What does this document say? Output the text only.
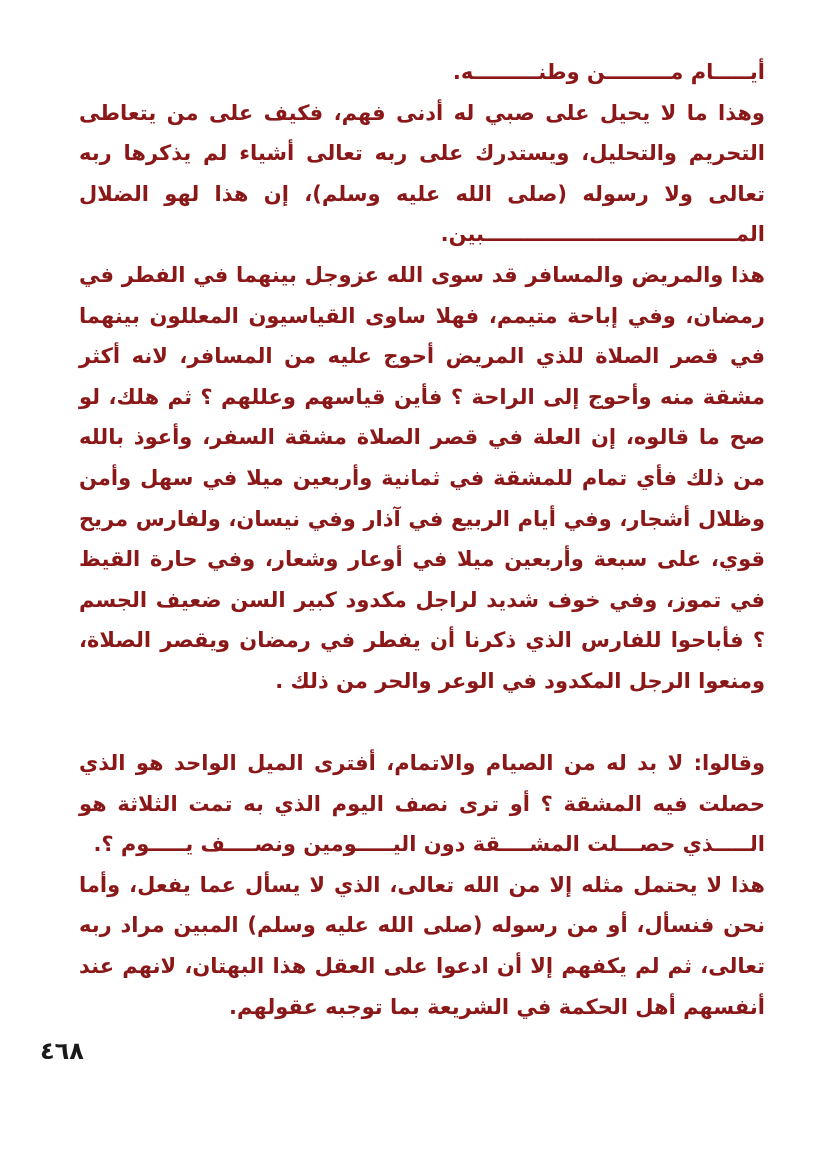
أيـــــام مـــــــــن وطنـــــــــه.

وهذا ما لا يحيل على صبي له أدنى فهم، فكيف على من يتعاطى التحريم والتحليل، ويستدرك على ربه تعالى أشياء لم يذكرها ربه تعالى ولا رسوله (صلى الله عليه وسلم)، إن هذا لهو الضلال المـــــــــــــــــــــــــــــــــــبين.

هذا والمريض والمسافر قد سوى الله عزوجل بينهما في الفطر في رمضان، وفي إباحة متيمم، فهلا ساوى القياسيون المعللون بينهما في قصر الصلاة للذي المريض أحوج عليه من المسافر، لانه أكثر مشقة منه وأحوج إلى الراحة ؟ فأين قياسهم وعللهم ؟ ثم هلك، لو صح ما قالوه، إن العلة في قصر الصلاة مشقة السفر، وأعوذ بالله من ذلك فأي تمام للمشقة في ثمانية وأربعين ميلا في سهل وأمن وظلال أشجار، وفي أيام الربيع في آذار وفي نيسان، ولفارس مريح قوي، على سبعة وأربعين ميلا في أوعار وشعار، وفي حارة القيظ في تموز، وفي خوف شديد لراجل مكدود كبير السن ضعيف الجسم ؟ فأباحوا للفارس الذي ذكرنا أن يفطر في رمضان ويقصر الصلاة، ومنعوا الرجل المكدود في الوعر والحر من ذلك .

وقالوا: لا بد له من الصيام والاتمام، أفترى الميل الواحد هو الذي حصلت فيه المشقة ؟ أو ترى نصف اليوم الذي به تمت الثلاثة هو الـــــذي حصـــلت المشــــقة دون اليـــــومين ونصــــف يـــــوم ؟.

هذا لا يحتمل مثله إلا من الله تعالى، الذي لا يسأل عما يفعل، وأما نحن فنسأل، أو من رسوله (صلى الله عليه وسلم) المبين مراد ربه تعالى، ثم لم يكفهم إلا أن ادعوا على العقل هذا البهتان، لانهم عند أنفسهم أهل الحكمة في الشريعة بما توجبه عقولهم.

٤٦٨
